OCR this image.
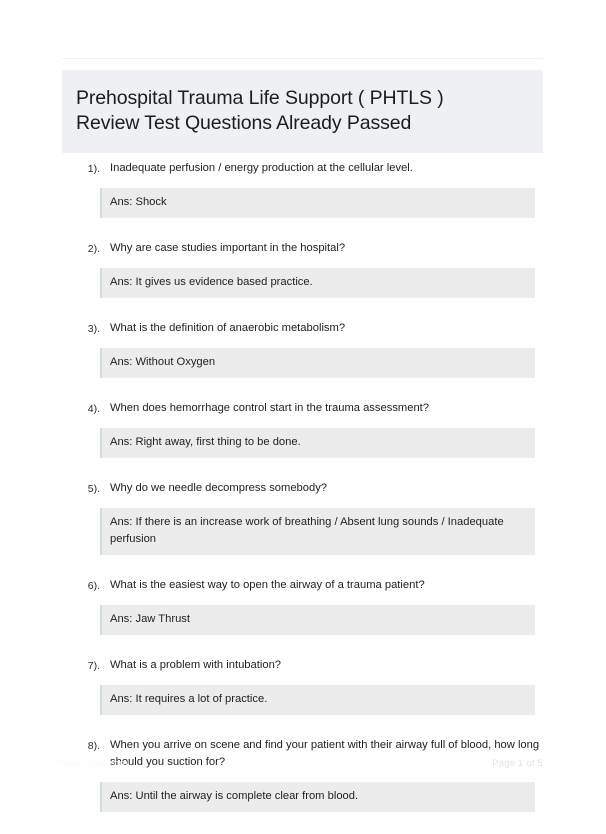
Prehospital Trauma Life Support ( PHTLS )
Review Test Questions Already Passed
1). Inadequate perfusion / energy production at the cellular level.
Ans: Shock
2). Why are case studies important in the hospital?
Ans: It gives us evidence based practice.
3). What is the definition of anaerobic metabolism?
Ans: Without Oxygen
4). When does hemorrhage control start in the trauma assessment?
Ans: Right away, first thing to be done.
5). Why do we needle decompress somebody?
Ans: If there is an increase work of breathing / Absent lung sounds / Inadequate perfusion
6). What is the easiest way to open the airway of a trauma patient?
Ans: Jaw Thrust
7). What is a problem with intubation?
Ans: It requires a lot of practice.
8). When you arrive on scene and find your patient with their airway full of blood, how long should you suction for?
Ans: Until the airway is complete clear from blood.
PaperStoic.com	Page 1 of 5
